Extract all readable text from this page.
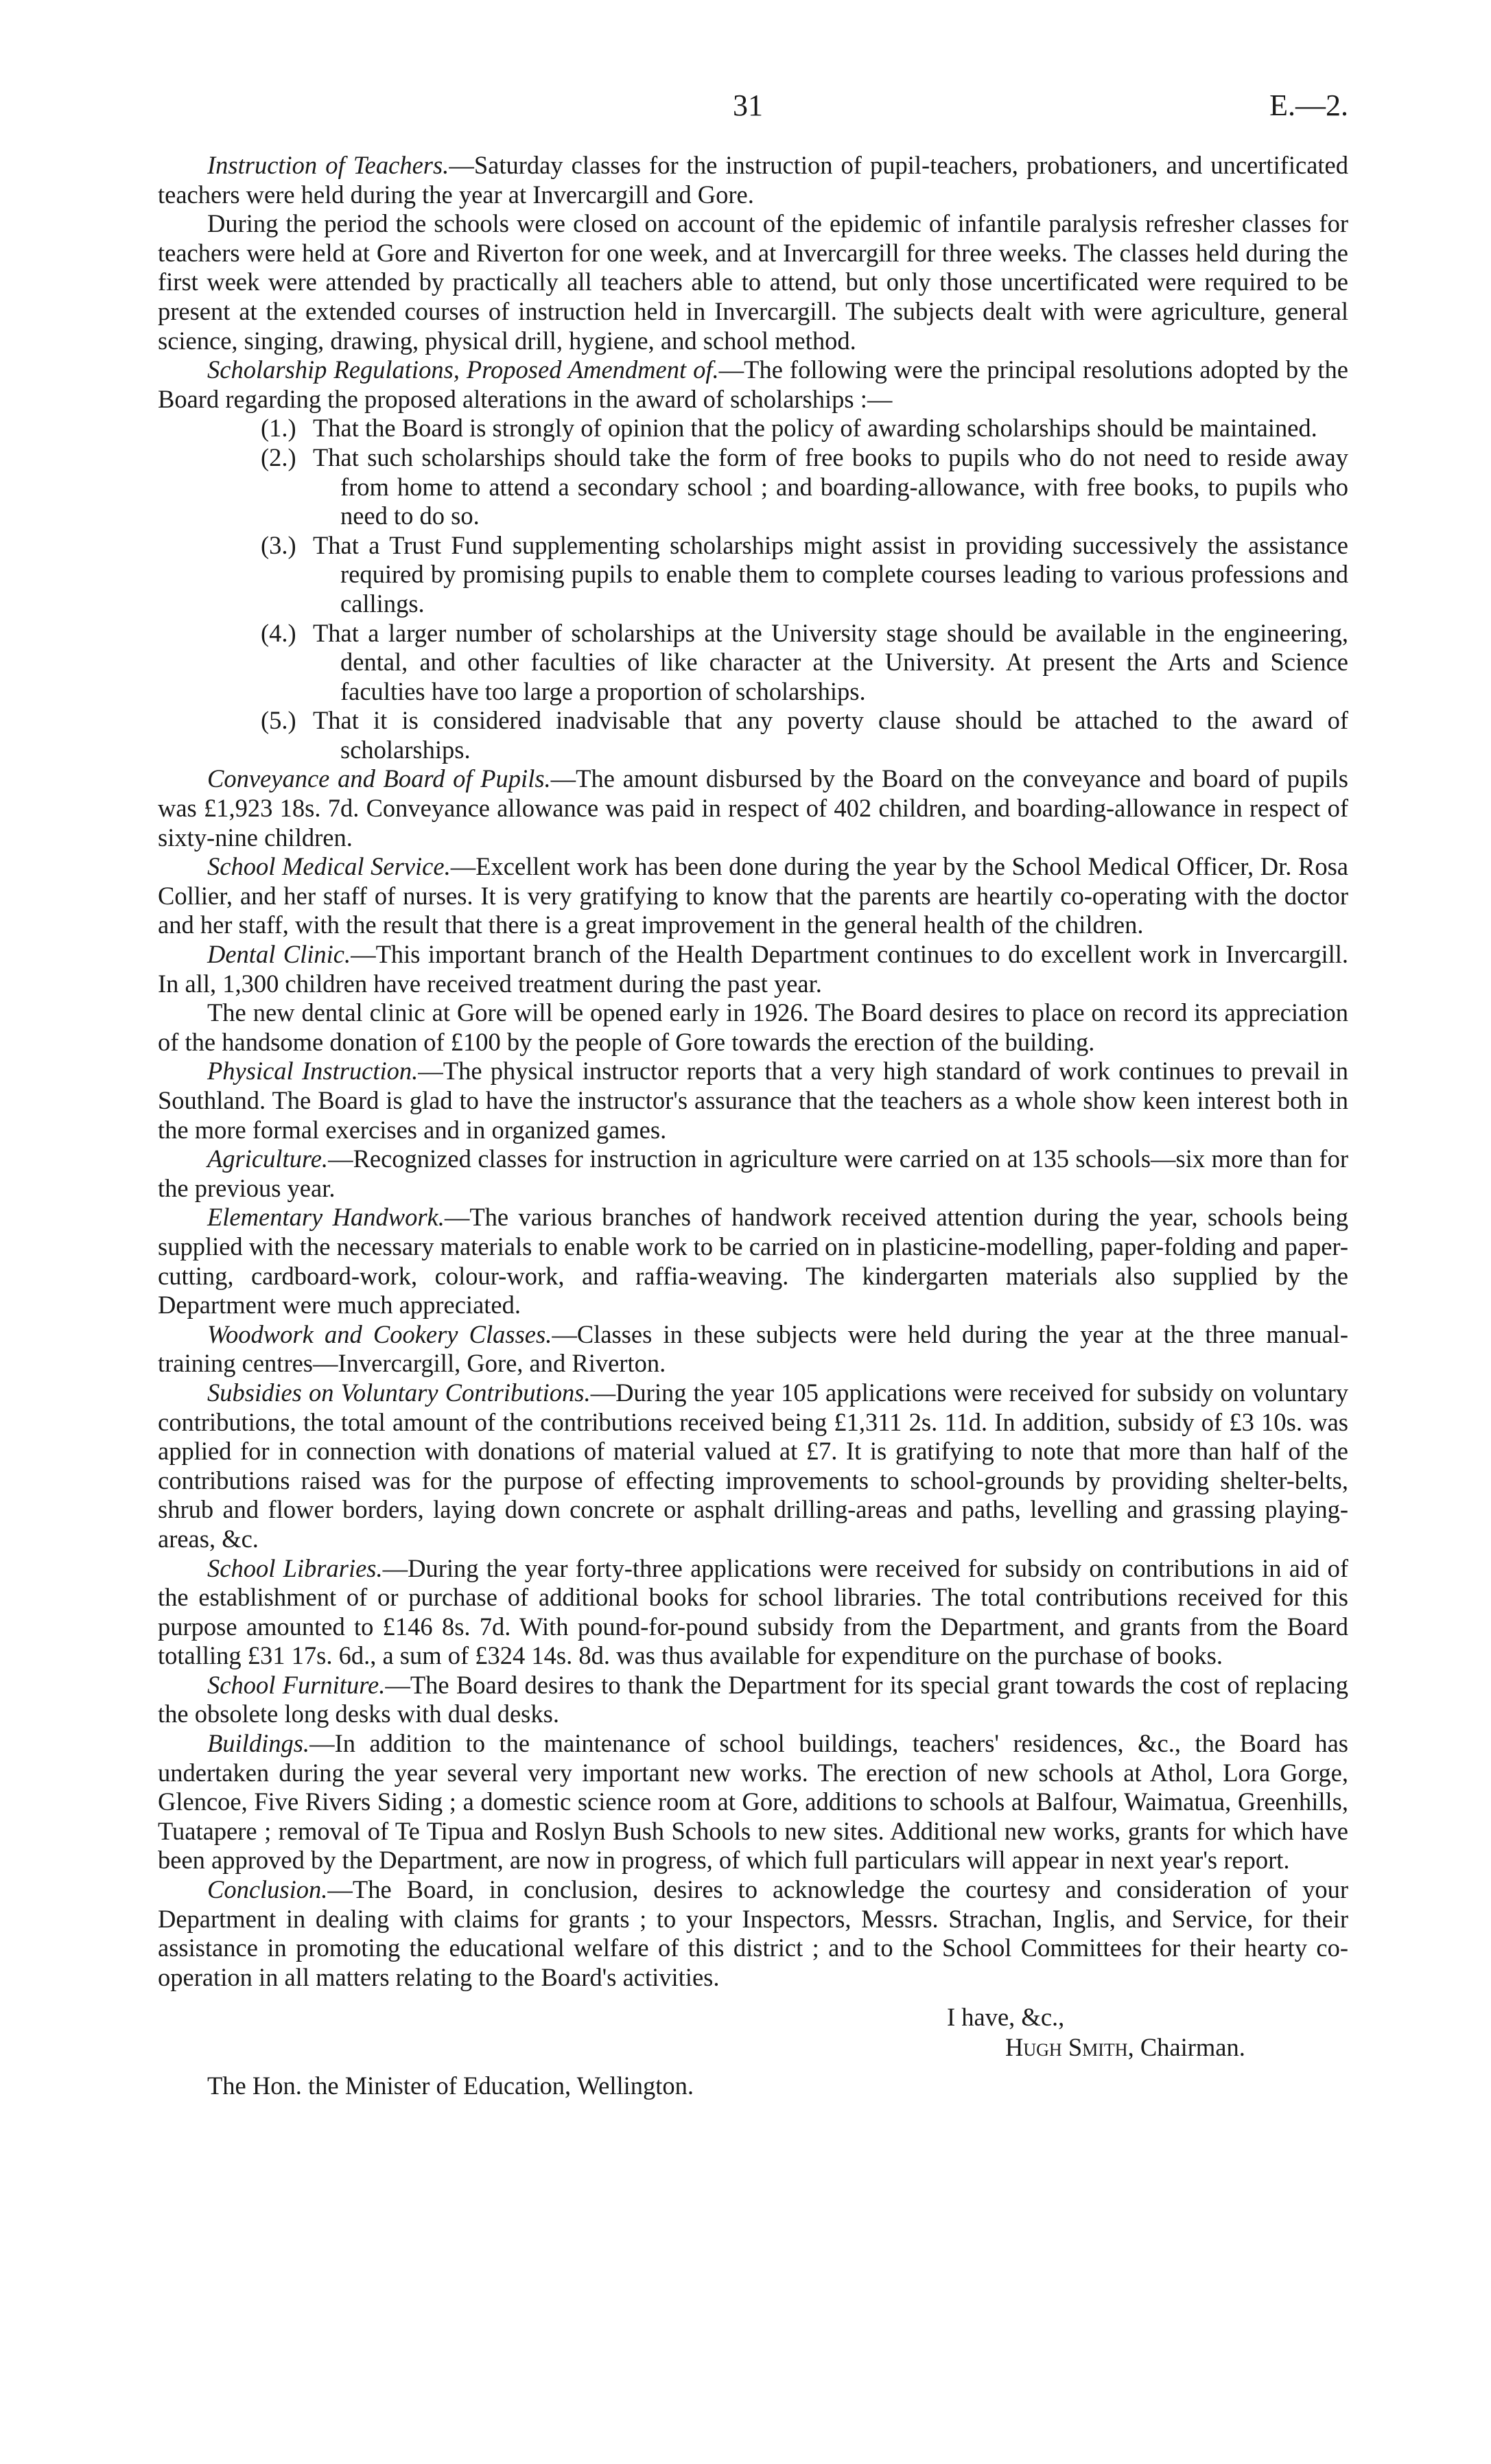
31	E.—2.

Instruction of Teachers.—Saturday classes for the instruction of pupil-teachers, probationers, and uncertificated teachers were held during the year at Invercargill and Gore.

During the period the schools were closed on account of the epidemic of infantile paralysis refresher classes for teachers were held at Gore and Riverton for one week, and at Invercargill for three weeks. The classes held during the first week were attended by practically all teachers able to attend, but only those uncertificated were required to be present at the extended courses of instruction held in Invercargill. The subjects dealt with were agriculture, general science, singing, drawing, physical drill, hygiene, and school method.

Scholarship Regulations, Proposed Amendment of.—The following were the principal resolutions adopted by the Board regarding the proposed alterations in the award of scholarships :—

(1.) That the Board is strongly of opinion that the policy of awarding scholarships should be maintained.
(2.) That such scholarships should take the form of free books to pupils who do not need to reside away from home to attend a secondary school ; and boarding-allowance, with free books, to pupils who need to do so.
(3.) That a Trust Fund supplementing scholarships might assist in providing successively the assistance required by promising pupils to enable them to complete courses leading to various professions and callings.
(4.) That a larger number of scholarships at the University stage should be available in the engineering, dental, and other faculties of like character at the University. At present the Arts and Science faculties have too large a proportion of scholarships.
(5.) That it is considered inadvisable that any poverty clause should be attached to the award of scholarships.

Conveyance and Board of Pupils.—The amount disbursed by the Board on the conveyance and board of pupils was £1,923 18s. 7d. Conveyance allowance was paid in respect of 402 children, and boarding-allowance in respect of sixty-nine children.

School Medical Service.—Excellent work has been done during the year by the School Medical Officer, Dr. Rosa Collier, and her staff of nurses. It is very gratifying to know that the parents are heartily co-operating with the doctor and her staff, with the result that there is a great improvement in the general health of the children.

Dental Clinic.—This important branch of the Health Department continues to do excellent work in Invercargill. In all, 1,300 children have received treatment during the past year.

The new dental clinic at Gore will be opened early in 1926. The Board desires to place on record its appreciation of the handsome donation of £100 by the people of Gore towards the erection of the building.

Physical Instruction.—The physical instructor reports that a very high standard of work continues to prevail in Southland. The Board is glad to have the instructor's assurance that the teachers as a whole show keen interest both in the more formal exercises and in organized games.

Agriculture.—Recognized classes for instruction in agriculture were carried on at 135 schools—six more than for the previous year.

Elementary Handwork.—The various branches of handwork received attention during the year, schools being supplied with the necessary materials to enable work to be carried on in plasticine-modelling, paper-folding and paper-cutting, cardboard-work, colour-work, and raffia-weaving. The kindergarten materials also supplied by the Department were much appreciated.

Woodwork and Cookery Classes.—Classes in these subjects were held during the year at the three manual-training centres—Invercargill, Gore, and Riverton.

Subsidies on Voluntary Contributions.—During the year 105 applications were received for subsidy on voluntary contributions, the total amount of the contributions received being £1,311 2s. 11d. In addition, subsidy of £3 10s. was applied for in connection with donations of material valued at £7. It is gratifying to note that more than half of the contributions raised was for the purpose of effecting improvements to school-grounds by providing shelter-belts, shrub and flower borders, laying down concrete or asphalt drilling-areas and paths, levelling and grassing playing-areas, &c.

School Libraries.—During the year forty-three applications were received for subsidy on contributions in aid of the establishment of or purchase of additional books for school libraries. The total contributions received for this purpose amounted to £146 8s. 7d. With pound-for-pound subsidy from the Department, and grants from the Board totalling £31 17s. 6d., a sum of £324 14s. 8d. was thus available for expenditure on the purchase of books.

School Furniture.—The Board desires to thank the Department for its special grant towards the cost of replacing the obsolete long desks with dual desks.

Buildings.—In addition to the maintenance of school buildings, teachers' residences, &c., the Board has undertaken during the year several very important new works. The erection of new schools at Athol, Lora Gorge, Glencoe, Five Rivers Siding ; a domestic science room at Gore, additions to schools at Balfour, Waimatua, Greenhills, Tuatapere ; removal of Te Tipua and Roslyn Bush Schools to new sites. Additional new works, grants for which have been approved by the Department, are now in progress, of which full particulars will appear in next year's report.

Conclusion.—The Board, in conclusion, desires to acknowledge the courtesy and consideration of your Department in dealing with claims for grants ; to your Inspectors, Messrs. Strachan, Inglis, and Service, for their assistance in promoting the educational welfare of this district ; and to the School Committees for their hearty co-operation in all matters relating to the Board's activities.

I have, &c.,
Hugh Smith, Chairman.
The Hon. the Minister of Education, Wellington.
